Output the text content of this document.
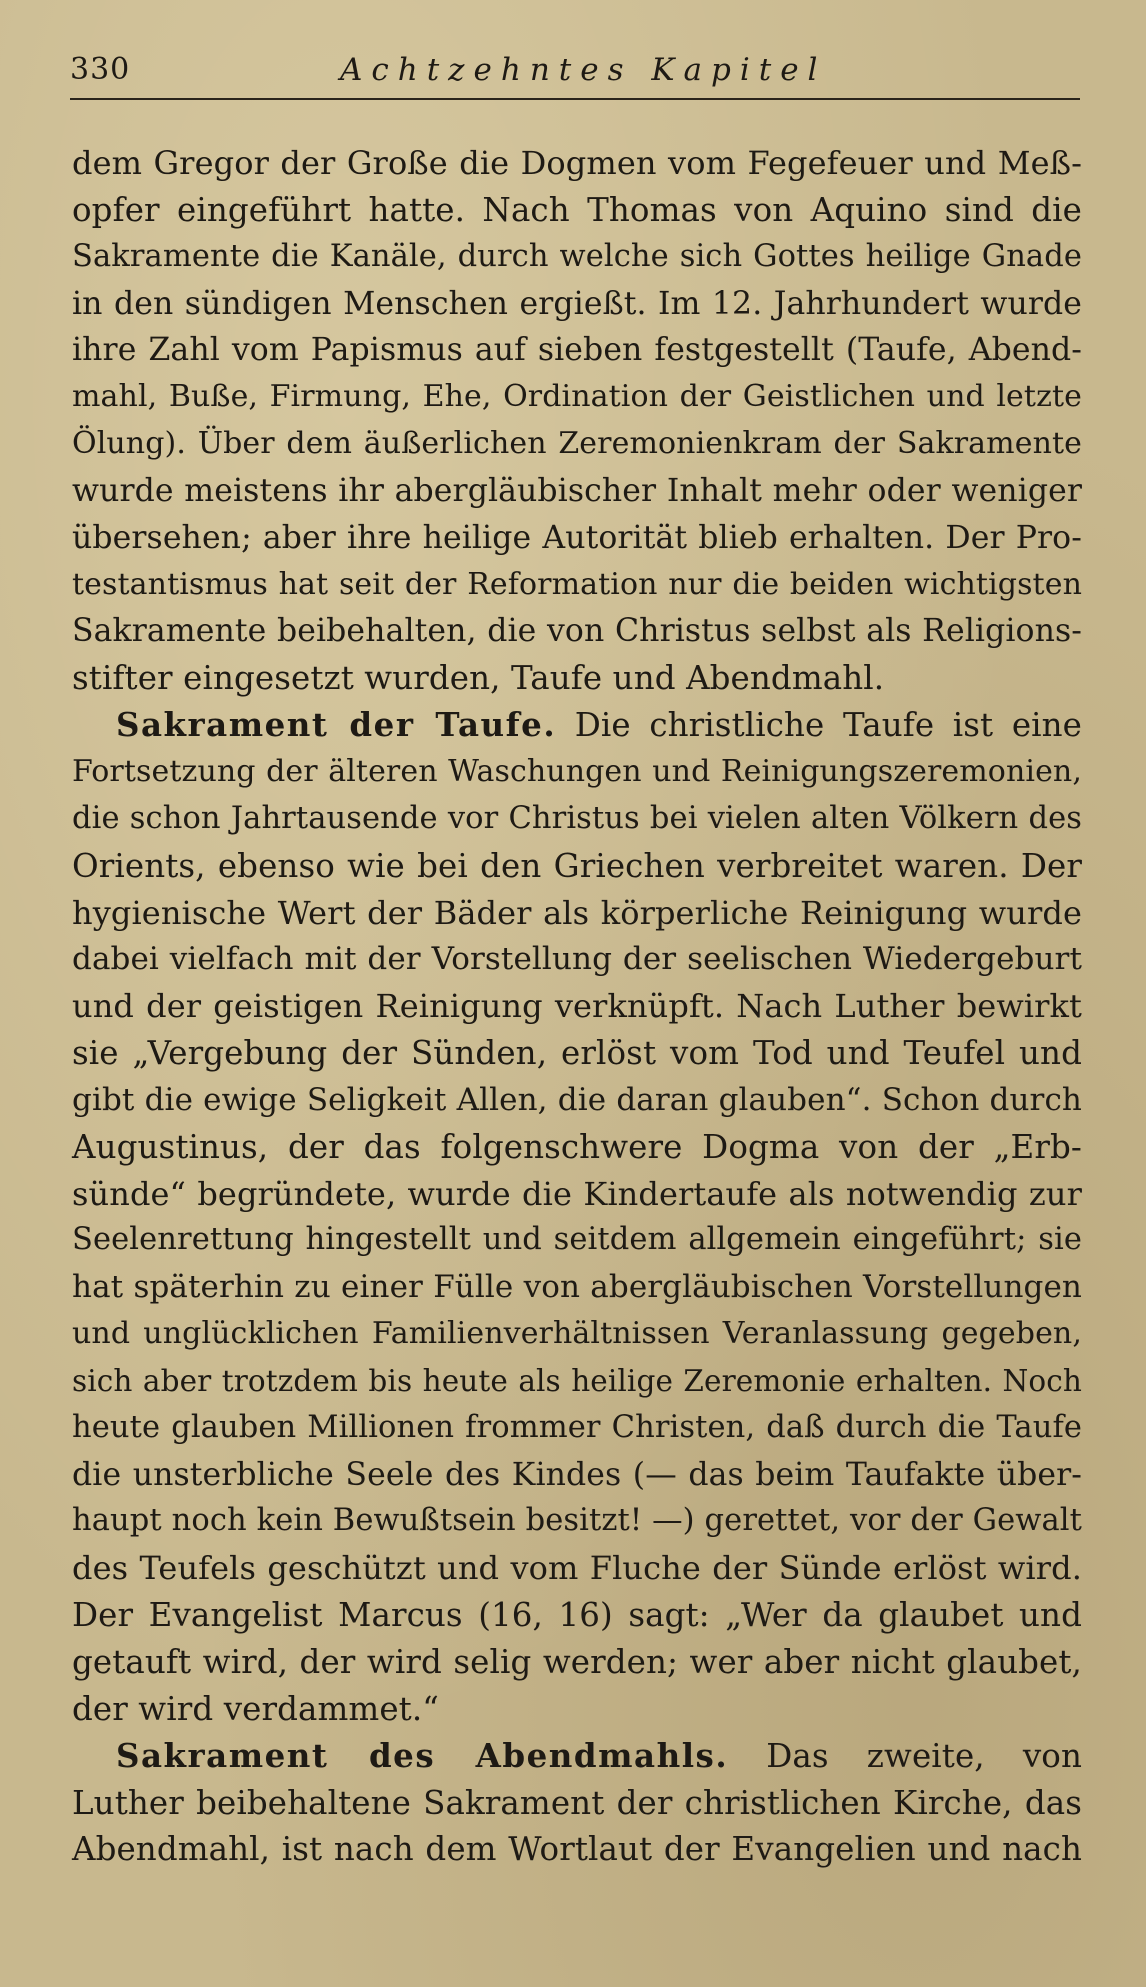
330	Achtzehntes Kapitel
dem Gregor der Große die Dogmen vom Fegefeuer und Meß-
opfer eingeführt hatte. Nach Thomas von Aquino sind die
Sakramente die Kanäle, durch welche sich Gottes heilige Gnade
in den sündigen Menschen ergießt. Im 12. Jahrhundert wurde
ihre Zahl vom Papismus auf sieben festgestellt (Taufe, Abend-
mahl, Buße, Firmung, Ehe, Ordination der Geistlichen und letzte
Ölung). Über dem äußerlichen Zeremonienkram der Sakramente
wurde meistens ihr abergläubischer Inhalt mehr oder weniger
übersehen; aber ihre heilige Autorität blieb erhalten. Der Pro-
testantismus hat seit der Reformation nur die beiden wichtigsten
Sakramente beibehalten, die von Christus selbst als Religions-
stifter eingesetzt wurden, Taufe und Abendmahl.
Sakrament der Taufe. Die christliche Taufe ist eine
Fortsetzung der älteren Waschungen und Reinigungszeremonien,
die schon Jahrtausende vor Christus bei vielen alten Völkern des
Orients, ebenso wie bei den Griechen verbreitet waren. Der
hygienische Wert der Bäder als körperliche Reinigung wurde
dabei vielfach mit der Vorstellung der seelischen Wiedergeburt
und der geistigen Reinigung verknüpft. Nach Luther bewirkt
sie „Vergebung der Sünden, erlöst vom Tod und Teufel und
gibt die ewige Seligkeit Allen, die daran glauben“. Schon durch
Augustinus, der das folgenschwere Dogma von der „Erb-
sünde“ begründete, wurde die Kindertaufe als notwendig zur
Seelenrettung hingestellt und seitdem allgemein eingeführt; sie
hat späterhin zu einer Fülle von abergläubischen Vorstellungen
und unglücklichen Familienverhältnissen Veranlassung gegeben,
sich aber trotzdem bis heute als heilige Zeremonie erhalten. Noch
heute glauben Millionen frommer Christen, daß durch die Taufe
die unsterbliche Seele des Kindes (— das beim Taufakte über-
haupt noch kein Bewußtsein besitzt! —) gerettet, vor der Gewalt
des Teufels geschützt und vom Fluche der Sünde erlöst wird.
Der Evangelist Marcus (16, 16) sagt: „Wer da glaubet und
getauft wird, der wird selig werden; wer aber nicht glaubet,
der wird verdammet.“
Sakrament des Abendmahls. Das zweite, von
Luther beibehaltene Sakrament der christlichen Kirche, das
Abendmahl, ist nach dem Wortlaut der Evangelien und nach
